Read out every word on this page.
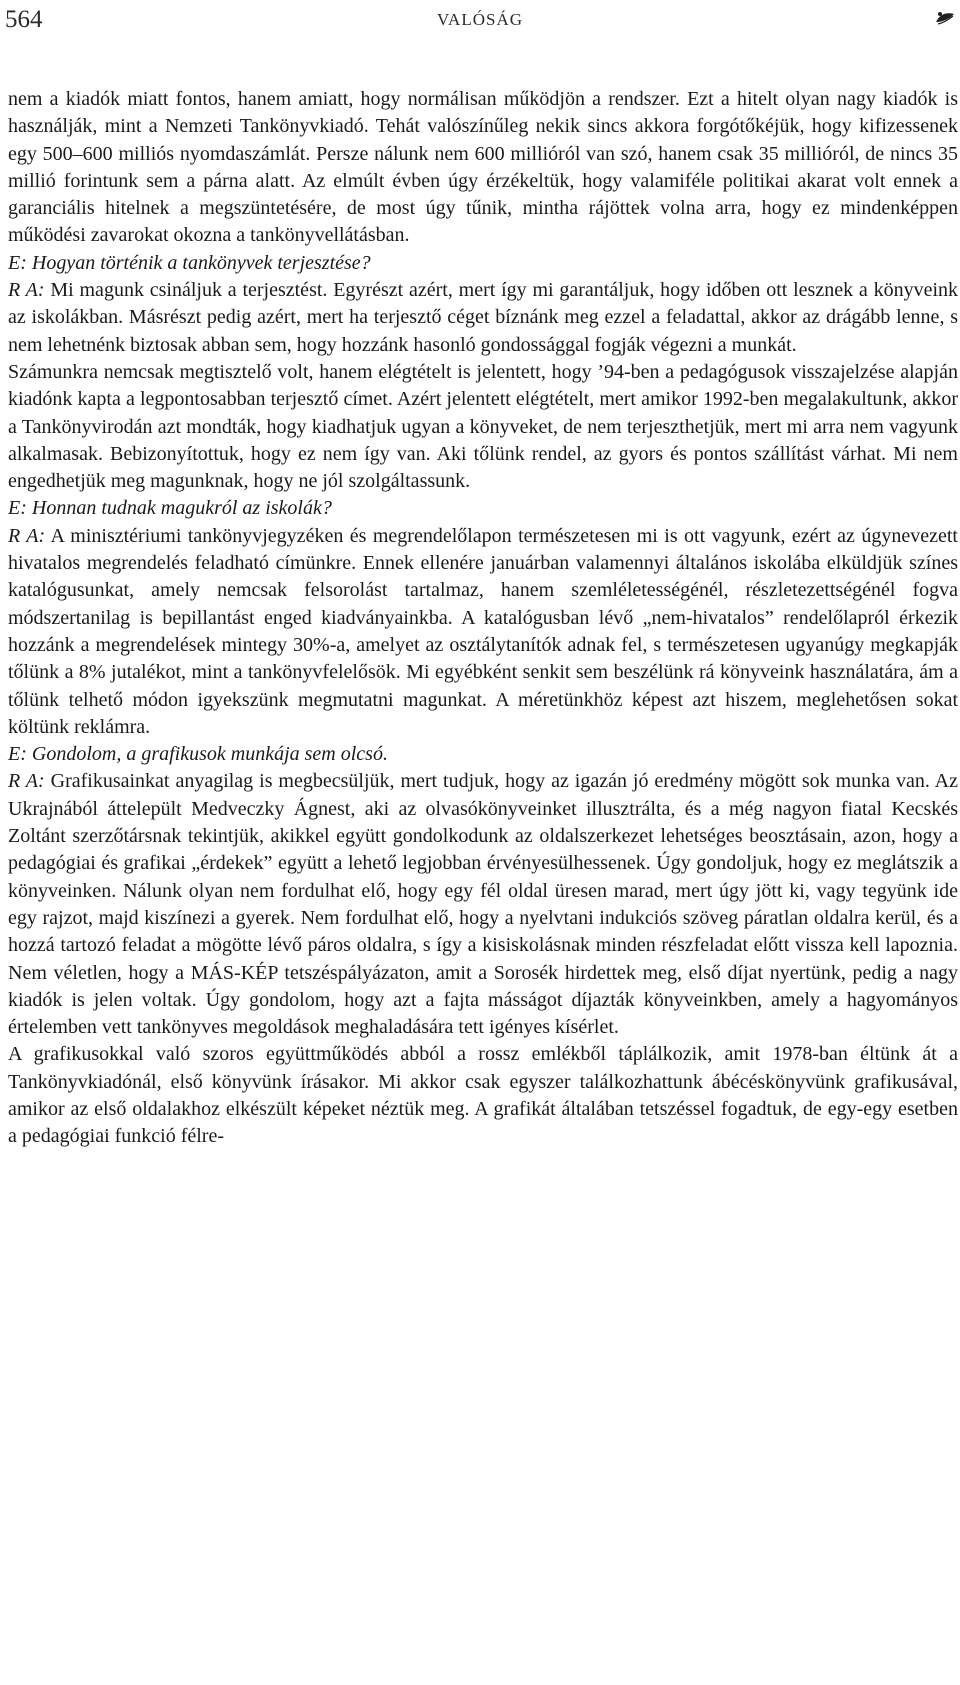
564	VALÓSÁG

nem a kiadók miatt fontos, hanem amiatt, hogy normálisan működjön a rendszer. Ezt a hitelt olyan nagy kiadók is használják, mint a Nemzeti Tankönyvkiadó. Tehát valószínűleg nekik sincs akkora forgótőkéjük, hogy kifizessenek egy 500–600 milliós nyomdaszámlát. Persze nálunk nem 600 millióról van szó, hanem csak 35 millióról, de nincs 35 millió forintunk sem a párna alatt. Az elmúlt évben úgy érzékeltük, hogy valamiféle politikai akarat volt ennek a garanciális hitelnek a megszüntetésére, de most úgy tűnik, mintha rájöttek volna arra, hogy ez mindenképpen működési zavarokat okozna a tankönyvellátásban.

E: Hogyan történik a tankönyvek terjesztése?

R A: Mi magunk csináljuk a terjesztést. Egyrészt azért, mert így mi garantáljuk, hogy időben ott lesznek a könyveink az iskolákban. Másrészt pedig azért, mert ha terjesztő céget bíznánk meg ezzel a feladattal, akkor az drágább lenne, s nem lehetnénk biztosak abban sem, hogy hozzánk hasonló gondossággal fogják végezni a munkát.

Számunkra nemcsak megtisztelő volt, hanem elégtételt is jelentett, hogy ’94-ben a pedagógusok visszajelzése alapján kiadónk kapta a legpontosabban terjesztő címet. Azért jelentett elégtételt, mert amikor 1992-ben megalakultunk, akkor a Tankönyvirodán azt mondták, hogy kiadhatjuk ugyan a könyveket, de nem terjeszthetjük, mert mi arra nem vagyunk alkalmasak. Bebizonyítottuk, hogy ez nem így van. Aki tőlünk rendel, az gyors és pontos szállítást várhat. Mi nem engedhetjük meg magunknak, hogy ne jól szolgáltassunk.

E: Honnan tudnak magukról az iskolák?

R A: A minisztériumi tankönyvjegyzéken és megrendelőlapon természetesen mi is ott vagyunk, ezért az úgynevezett hivatalos megrendelés feladható címünkre. Ennek ellenére januárban valamennyi általános iskolába elküldjük színes katalógusunkat, amely nemcsak felsorolást tartalmaz, hanem szemléletességénél, részletezettségénél fogva módszertanilag is bepillantást enged kiadványainkba. A katalógusban lévő „nem-hivatalos” rendelőlapról érkezik hozzánk a megrendelések mintegy 30%-a, amelyet az osztálytanítók adnak fel, s természetesen ugyanúgy megkapják tőlünk a 8% jutalékot, mint a tankönyvfelelősök. Mi egyébként senkit sem beszélünk rá könyveink használatára, ám a tőlünk telhető módon igyekszünk megmutatni magunkat. A méretünkhöz képest azt hiszem, meglehetősen sokat költünk reklámra.

E: Gondolom, a grafikusok munkája sem olcsó.

R A: Grafikusainkat anyagilag is megbecsüljük, mert tudjuk, hogy az igazán jó eredmény mögött sok munka van. Az Ukrajnából áttelepült Medveczky Ágnest, aki az olvasókönyveinket illusztrálta, és a még nagyon fiatal Kecskés Zoltánt szerzőtársnak tekintjük, akikkel együtt gondolkodunk az oldalszerkezet lehetséges beosztásain, azon, hogy a pedagógiai és grafikai „érdekek” együtt a lehető legjobban érvényesülhessenek. Úgy gondoljuk, hogy ez meglátszik a könyveinken. Nálunk olyan nem fordulhat elő, hogy egy fél oldal üresen marad, mert úgy jött ki, vagy tegyünk ide egy rajzot, majd kiszínezi a gyerek. Nem fordulhat elő, hogy a nyelvtani indukciós szöveg páratlan oldalra kerül, és a hozzá tartozó feladat a mögötte lévő páros oldalra, s így a kisiskolásnak minden részfeladat előtt vissza kell lapoznia. Nem véletlen, hogy a MÁS-KÉP tetszéspályázaton, amit a Sorosék hirdettek meg, első díjat nyertünk, pedig a nagy kiadók is jelen voltak. Úgy gondolom, hogy azt a fajta másságot díjazták könyveinkben, amely a hagyományos értelemben vett tankönyves megoldások meghaladására tett igényes kísérlet.

A grafikusokkal való szoros együttműködés abból a rossz emlékből táplálkozik, amit 1978-ban éltünk át a Tankönyvkiadónál, első könyvünk írásakor. Mi akkor csak egyszer találkozhattunk ábécéskönyvünk grafikusával, amikor az első oldalakhoz elkészült képeket néztük meg. A grafikát általában tetszéssel fogadtuk, de egy-egy esetben a pedagógiai funkció félre-
